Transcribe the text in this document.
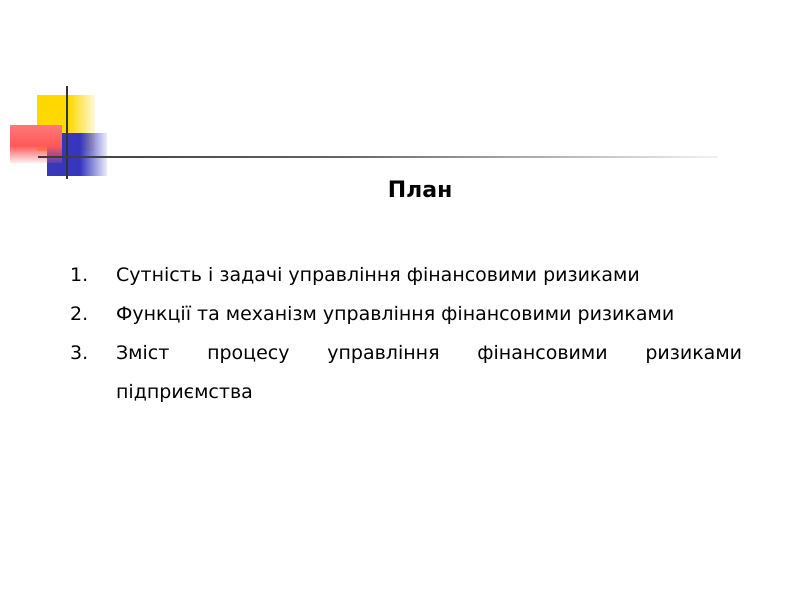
План
1.	Сутність і задачі управління фінансовими ризиками
2.	Функції та механізм управління фінансовими ризиками
3.	Зміст процесу управління фінансовими ризиками підприємства
